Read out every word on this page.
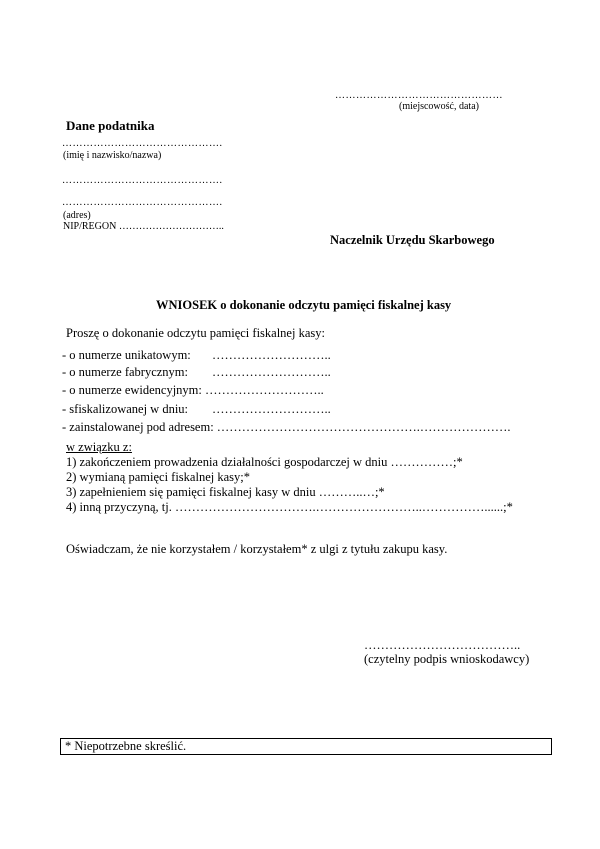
…………………………………………
(miejscowość, data)
Dane podatnika
……………………………………….
(imię i nazwisko/nazwa)
……………………………………….
……………………………………….
(adres)
NIP/REGON …………………………..
Naczelnik Urzędu Skarbowego
WNIOSEK o dokonanie odczytu pamięci fiskalnej kasy
Proszę o dokonanie odczytu pamięci fiskalnej kasy:
- o numerze unikatowym: ………………………..
- o numerze fabrycznym: ………………………..
- o numerze ewidencyjnym: ………………………..
- sfiskalizowanej w dniu: ………………………..
- zainstalowanej pod adresem: ………………………………………….………………….
w związku z:
1) zakończeniem prowadzenia działalności gospodarczej w dniu ……………;*
2) wymianą pamięci fiskalnej kasy;*
3) zapełnieniem się pamięci fiskalnej kasy w dniu ………..…;*
4) inną przyczyną, tj. …………………………….……………………..……………......;*
Oświadczam, że nie korzystałem / korzystałem* z ulgi z tytułu zakupu kasy.
………………………………..
(czytelny podpis wnioskodawcy)
* Niepotrzebne skreślić.
